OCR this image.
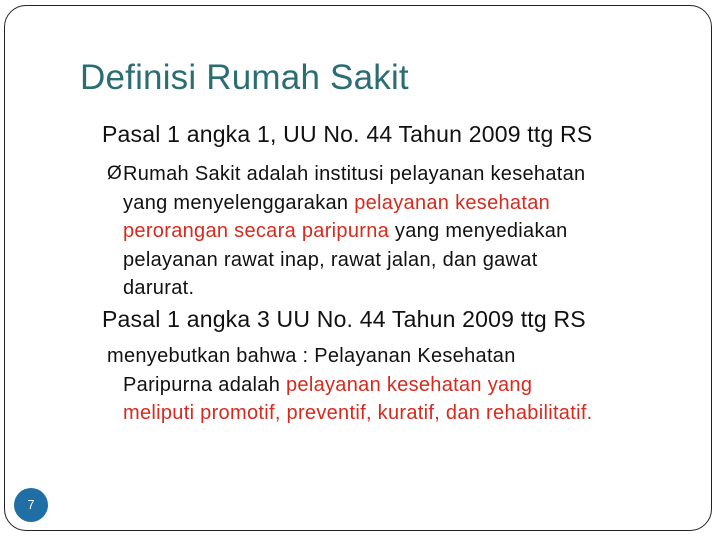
Definisi Rumah Sakit
Pasal 1 angka 1, UU No. 44 Tahun 2009 ttg RS
Ø Rumah Sakit adalah institusi pelayanan kesehatan
yang menyelenggarakan pelayanan kesehatan
perorangan secara paripurna yang menyediakan
pelayanan rawat inap, rawat jalan, dan gawat
darurat.
Pasal 1 angka 3 UU No. 44 Tahun 2009 ttg RS
menyebutkan bahwa : Pelayanan Kesehatan
Paripurna adalah pelayanan kesehatan yang
meliputi promotif, preventif, kuratif, dan rehabilitatif.
7
